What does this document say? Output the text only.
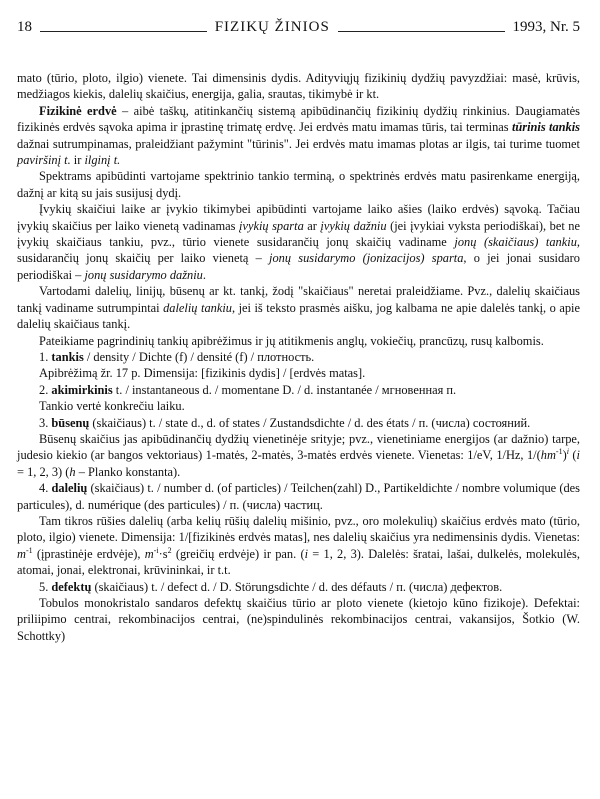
18	FIZIKŲ ŽINIOS	1993, Nr. 5

mato (tūrio, ploto, ilgio) vienete. Tai dimensinis dydis. Adityviųjų fizikinių dydžių pavyzdžiai: masė, krūvis, medžiagos kiekis, dalelių skaičius, energija, galia, srautas, tikimybė ir kt.

Fizikinė erdvė – aibė taškų, atitinkančių sistemą apibūdinančių fizikinių dydžių rinkinius. Daugiamatės fizikinės erdvės sąvoka apima ir įprastinę trimatę erdvę. Jei erdvės matu imamas tūris, tai terminas tūrinis tankis dažnai sutrumpinamas, praleidžiant pažymint "tūrinis". Jei erdvės matu imamas plotas ar ilgis, tai turime tuomet paviršinį t. ir ilginį t.

Spektrams apibūdinti vartojame spektrinio tankio terminą, o spektrinės erdvės matu pasirenkame energiją, dažnį ar kitą su jais susijusį dydį.

Įvykių skaičiui laike ar įvykio tikimybei apibūdinti vartojame laiko ašies (laiko erdvės) sąvoką. Tačiau įvykių skaičius per laiko vienetą vadinamas įvykių sparta ar įvykių dažniu (jei įvykiai vyksta periodiškai), bet ne įvykių skaičiaus tankiu, pvz., tūrio vienete susidarančių jonų skaičių vadiname jonų (skaičiaus) tankiu, susidarančių jonų skaičių per laiko vienetą – jonų susidarymo (jonizacijos) sparta, o jei jonai susidaro periodiškai – jonų susidarymo dažniu.

Vartodami dalelių, linijų, būsenų ar kt. tankį, žodį "skaičiaus" neretai praleidžiame. Pvz., dalelių skaičiaus tankį vadiname sutrumpintai dalelių tankiu, jei iš teksto prasmės aišku, jog kalbama ne apie dalelės tankį, o apie dalelių skaičiaus tankį.

Pateikiame pagrindinių tankių apibrėžimus ir jų atitikmenis anglų, vokiečių, prancūzų, rusų kalbomis.

1. tankis / density / Dichte (f) / densité (f) / плотность.

Apibrėžimą žr. 17 p. Dimensija: [fizikinis dydis] / [erdvės matas].

2. akimirkinis t. / instantaneous d. / momentane D. / d. instantanée / мгновенная п.

Tankio vertė konkrečiu laiku.

3. būsenų (skaičiaus) t. / state d., d. of states / Zustandsdichte / d. des états / п. (числа) состояний.

Būsenų skaičius jas apibūdinančių dydžių vienetinėje srityje; pvz., vienetiniame energijos (ar dažnio) tarpe, judesio kiekio (ar bangos vektoriaus) 1-matės, 2-matės, 3-matės erdvės vienete. Vienetas: 1/eV, 1/Hz, $1/(hm^{-1})^i$ (i = 1, 2, 3) (h – Planko konstanta).

4. dalelių (skaičiaus) t. / number d. (of particles) / Teilchen(zahl) D., Partikeldichte / nombre volumique (des particules), d. numérique (des particules) / п. (числа) частиц.

Tam tikros rūšies dalelių (arba kelių rūšių dalelių mišinio, pvz., oro molekulių) skaičius erdvės mato (tūrio, ploto, ilgio) vienete. Dimensija: 1/[fizikinės erdvės matas], nes dalelių skaičius yra nedimensinis dydis. Vienetas: $m^{-1}$ (įprastinėje erdvėje), $m^{-i}\cdot s^2$ (greičių erdvėje) ir pan. (i = 1, 2, 3). Dalelės: šratai, lašai, dulkelės, molekulės, atomai, jonai, elektronai, krūvininkai, ir t.t.

5. defektų (skaičiaus) t. / defect d. / D. Störungsdichte / d. des défauts / п. (числа) дефектов.

Tobulos monokristalo sandaros defektų skaičius tūrio ar ploto vienete (kietojo kūno fizikoje). Defektai: priliipimo centrai, rekombinacijos centrai, (ne)spindulinės rekombinacijos centrai, vakansijos, Šotkio (W. Schottky)
